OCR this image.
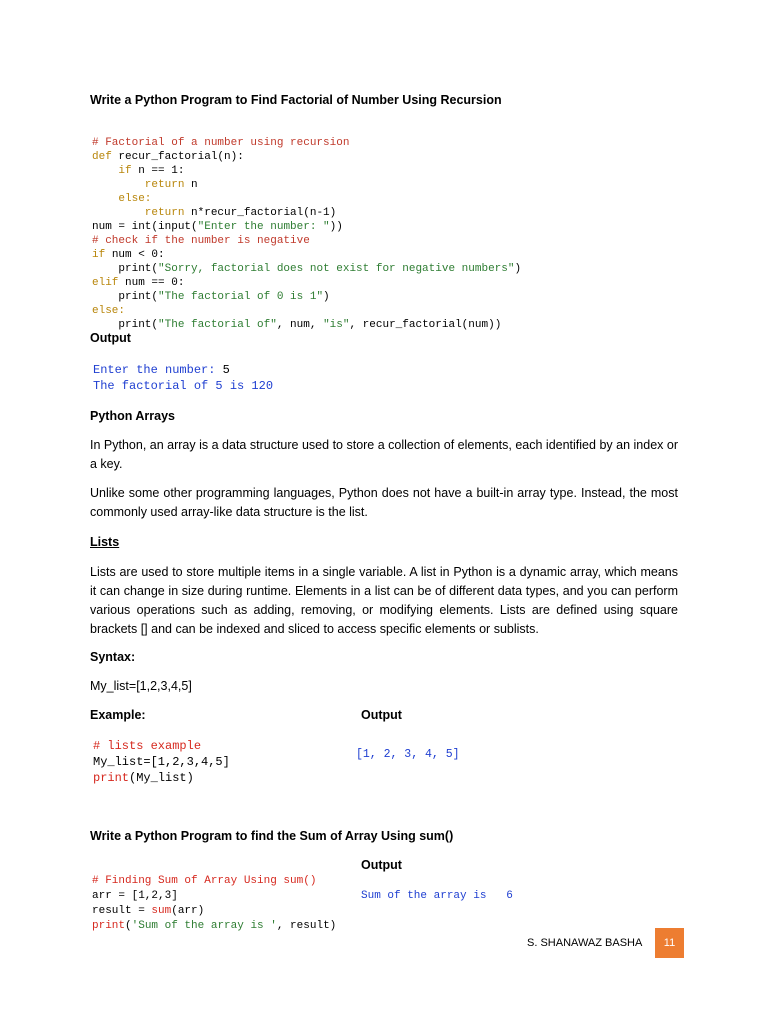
Write a Python Program to Find Factorial of Number Using Recursion

# Factorial of a number using recursion
def recur_factorial(n):
if n == 1:
return n
else:
return n*recur_factorial(n-1)
num = int(input("Enter the number: "))
# check if the number is negative
if num < 0:
print("Sorry, factorial does not exist for negative numbers")
elif num == 0:
print("The factorial of 0 is 1")
else:
print("The factorial of", num, "is", recur_factorial(num))

Output
Enter the number: 5
The factorial of 5 is 120
Python Arrays
In Python, an array is a data structure used to store a collection of elements, each identified by an index or a key.
Unlike some other programming languages, Python does not have a built-in array type. Instead, the most commonly used array-like data structure is the list.
Lists
Lists are used to store multiple items in a single variable. A list in Python is a dynamic array, which means it can change in size during runtime. Elements in a list can be of different data types, and you can perform various operations such as adding, removing, or modifying elements. Lists are defined using square brackets [] and can be indexed and sliced to access specific elements or sublists.
Syntax:
My_list=[1,2,3,4,5]
Example:	Output
# lists example
My_list=[1,2,3,4,5]
print(My_list)
[1, 2, 3, 4, 5]
Write a Python Program to find the Sum of Array Using sum()
Output
# Finding Sum of Array Using sum()
arr = [1,2,3]
result = sum(arr)
print('Sum of the array is ', result)
Sum of the array is   6
S. SHANAWAZ BASHA	11
